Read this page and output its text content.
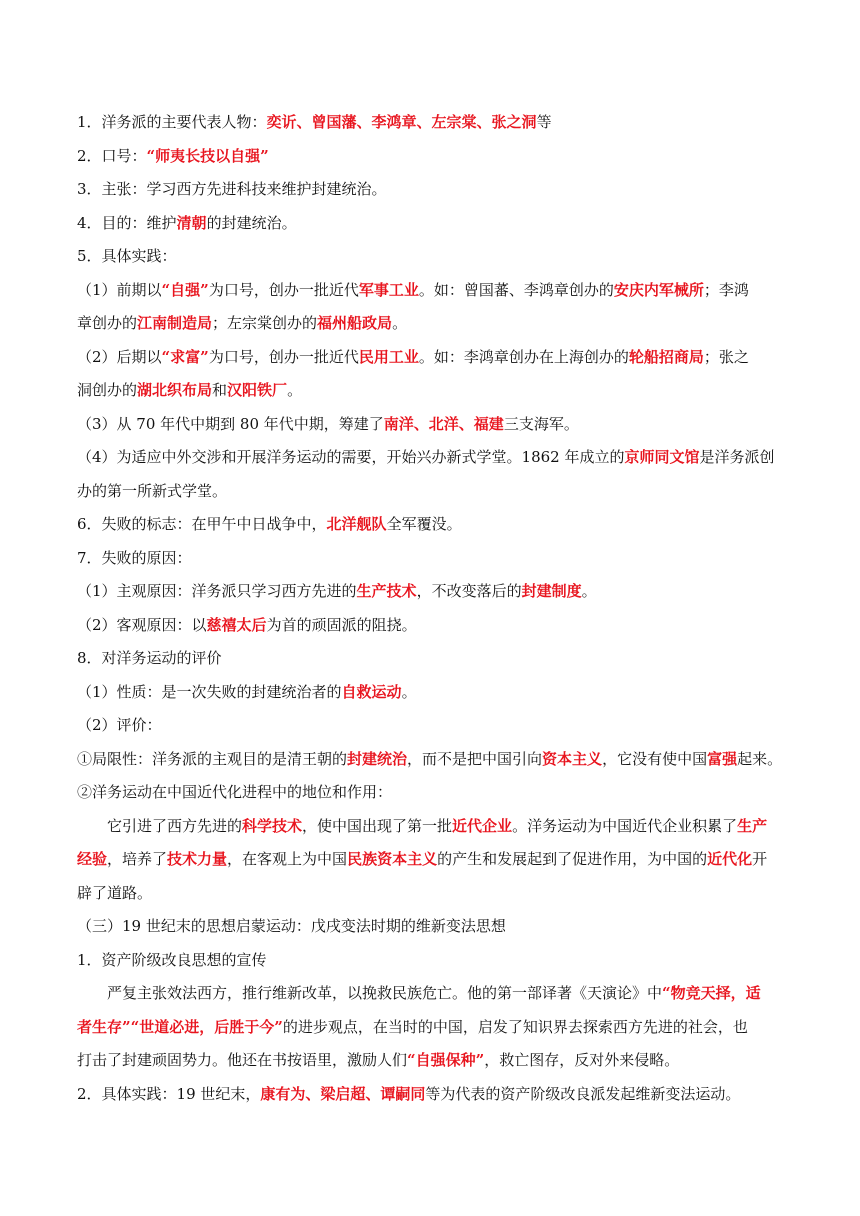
1．洋务派的主要代表人物：奕䜣、曾国藩、李鸿章、左宗棠、张之洞等
2．口号：“师夷长技以自强”
3．主张：学习西方先进科技来维护封建统治。
4．目的：维护清朝的封建统治。
5．具体实践：
（1）前期以“自强”为口号，创办一批近代军事工业。如：曾国蕃、李鸿章创办的安庆内军械所；李鸿
章创办的江南制造局；左宗棠创办的福州船政局。
（2）后期以“求富”为口号，创办一批近代民用工业。如：李鸿章创办在上海创办的轮船招商局；张之
洞创办的湖北织布局和汉阳铁厂。
（3）从 70 年代中期到 80 年代中期，筹建了南洋、北洋、福建三支海军。
（4）为适应中外交涉和开展洋务运动的需要，开始兴办新式学堂。1862 年成立的京师同文馆是洋务派创
办的第一所新式学堂。
6．失败的标志：在甲午中日战争中，北洋舰队全军覆没。
7．失败的原因：
（1）主观原因：洋务派只学习西方先进的生产技术，不改变落后的封建制度。
（2）客观原因：以慈禧太后为首的顽固派的阻挠。
8．对洋务运动的评价
（1）性质：是一次失败的封建统治者的自救运动。
（2）评价：
①局限性：洋务派的主观目的是清王朝的封建统治，而不是把中国引向资本主义，它没有使中国富强起来。
②洋务运动在中国近代化进程中的地位和作用：
它引进了西方先进的科学技术，使中国出现了第一批近代企业。洋务运动为中国近代企业积累了生产
经验，培养了技术力量，在客观上为中国民族资本主义的产生和发展起到了促进作用，为中国的近代化开
辟了道路。
（三）19 世纪末的思想启蒙运动：戊戌变法时期的维新变法思想
1．资产阶级改良思想的宣传
严复主张效法西方，推行维新改革，以挽救民族危亡。他的第一部译著《天演论》中“物竞天择，适
者生存”“世道必进，后胜于今”的进步观点，在当时的中国，启发了知识界去探索西方先进的社会，也
打击了封建顽固势力。他还在书按语里，激励人们“自强保种”，救亡图存，反对外来侵略。
2．具体实践：19 世纪末，康有为、梁启超、谭嗣同等为代表的资产阶级改良派发起维新变法运动。
